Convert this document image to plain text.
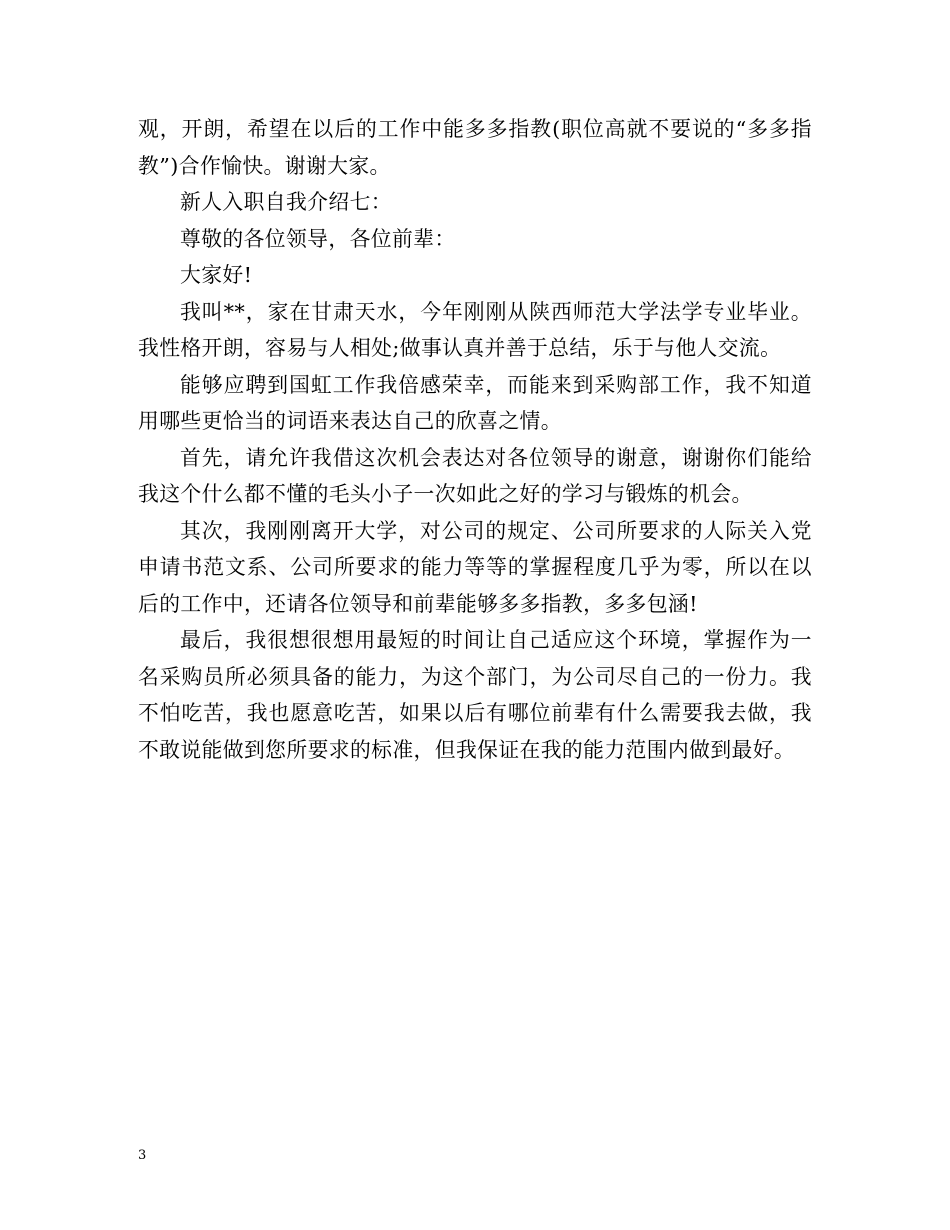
观，开朗，希望在以后的工作中能多多指教(职位高就不要说的“多多指教”)合作愉快。谢谢大家。

新人入职自我介绍七：

尊敬的各位领导，各位前辈：

大家好!

我叫**，家在甘肃天水，今年刚刚从陕西师范大学法学专业毕业。我性格开朗，容易与人相处;做事认真并善于总结，乐于与他人交流。

能够应聘到国虹工作我倍感荣幸，而能来到采购部工作，我不知道用哪些更恰当的词语来表达自己的欣喜之情。

首先，请允许我借这次机会表达对各位领导的谢意，谢谢你们能给我这个什么都不懂的毛头小子一次如此之好的学习与锻炼的机会。

其次，我刚刚离开大学，对公司的规定、公司所要求的人际关入党申请书范文系、公司所要求的能力等等的掌握程度几乎为零，所以在以后的工作中，还请各位领导和前辈能够多多指教，多多包涵!

最后，我很想很想用最短的时间让自己适应这个环境，掌握作为一名采购员所必须具备的能力，为这个部门，为公司尽自己的一份力。我不怕吃苦，我也愿意吃苦，如果以后有哪位前辈有什么需要我去做，我不敢说能做到您所要求的标准，但我保证在我的能力范围内做到最好。

3
